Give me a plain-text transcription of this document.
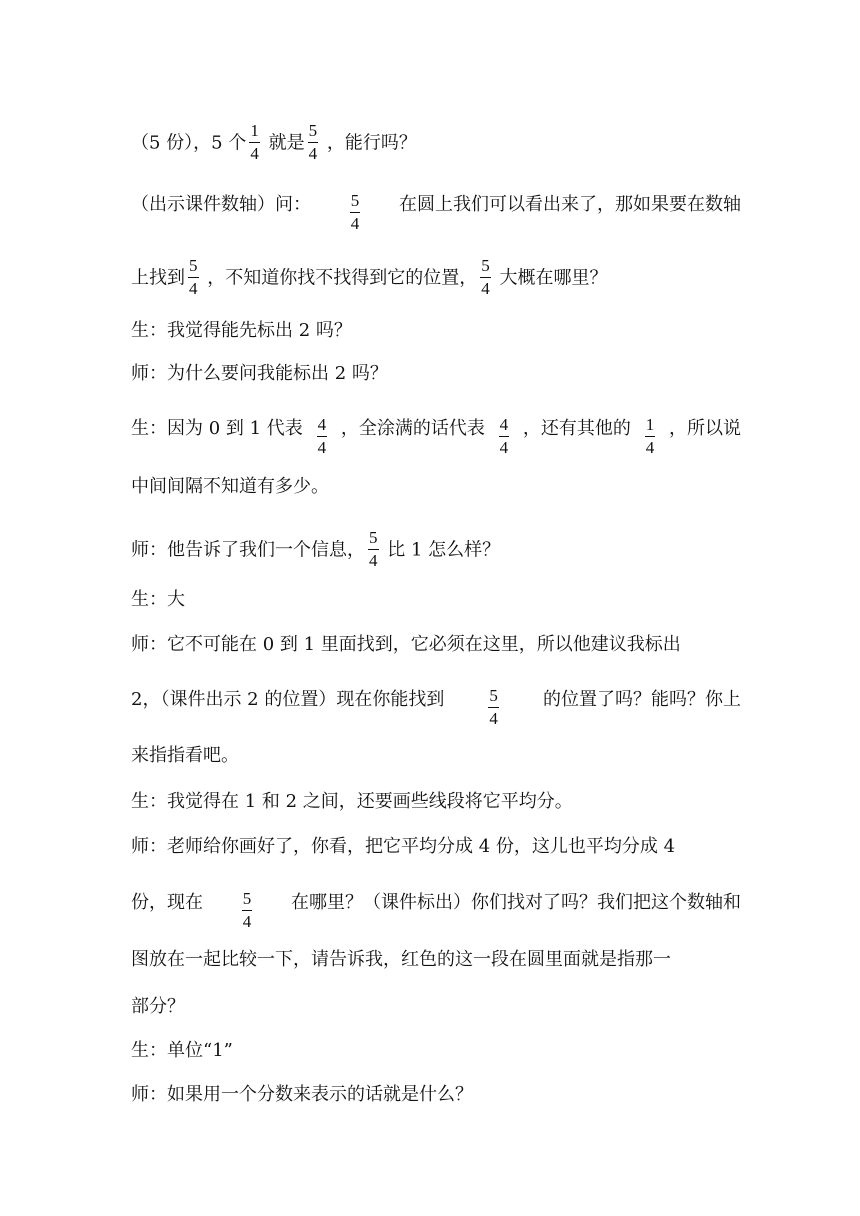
（5 份），5 个 $\frac{1}{4}$ 就是 $\frac{5}{4}$ ，能行吗？
（出示课件数轴）问： $\frac{5}{4}$ 在圆上我们可以看出来了，那如果要在数轴
上找到 $\frac{5}{4}$ ，不知道你找不找得到它的位置， $\frac{5}{4}$ 大概在哪里？
生：我觉得能先标出 2 吗？
师：为什么要问我能标出 2 吗？
生：因为 0 到 1 代表 $\frac{4}{4}$ ，全涂满的话代表 $\frac{4}{4}$ ，还有其他的 $\frac{1}{4}$ ，所以说
中间间隔不知道有多少。
师：他告诉了我们一个信息， $\frac{5}{4}$ 比 1 怎么样？
生：大
师：它不可能在 0 到 1 里面找到，它必须在这里，所以他建议我标出
2，（课件出示 2 的位置）现在你能找到	$\frac{5}{4}$ 的位置了吗？能吗？你上
来指指看吧。
生：我觉得在 1 和 2 之间，还要画些线段将它平均分。
师：老师给你画好了，你看，把它平均分成 4 份，这儿也平均分成 4
份，现在 $\frac{5}{4}$ 在哪里？（课件标出）你们找对了吗？我们把这个数轴和
图放在一起比较一下，请告诉我，红色的这一段在圆里面就是指那一
部分？
生：单位“1”
师：如果用一个分数来表示的话就是什么？
